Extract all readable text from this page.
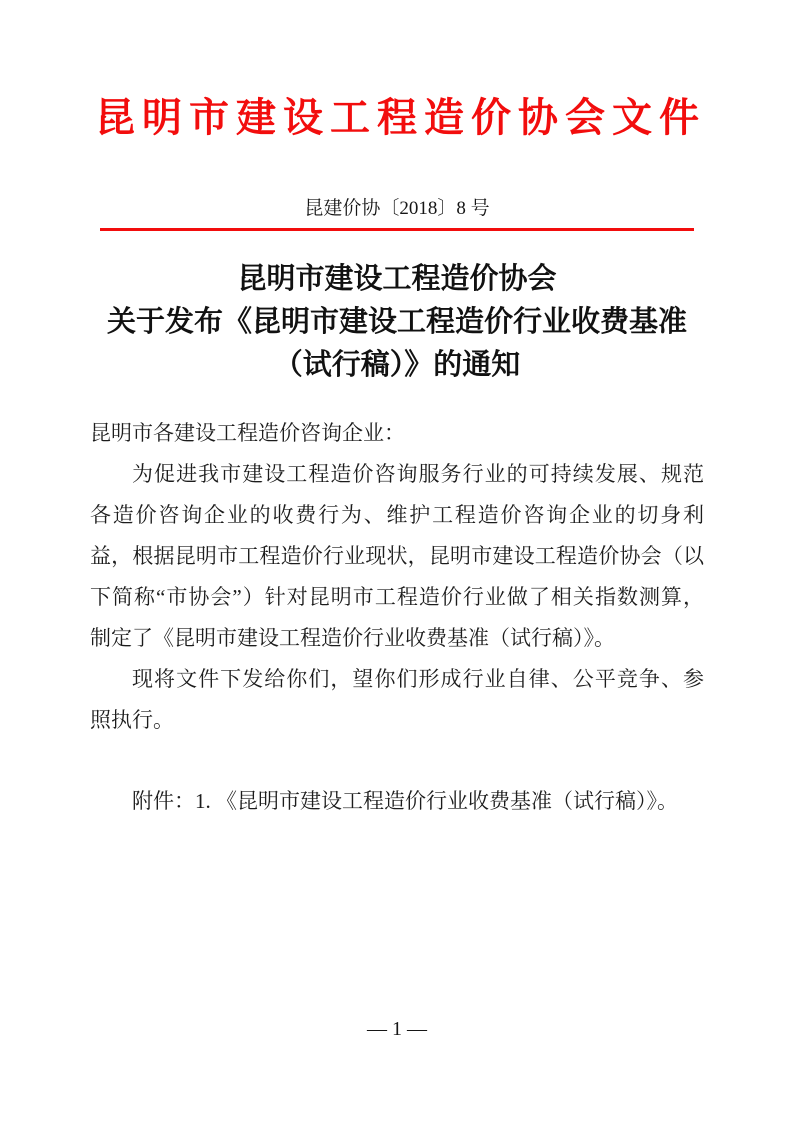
昆明市建设工程造价协会文件
昆建价协〔2018〕8 号
昆明市建设工程造价协会
关于发布《昆明市建设工程造价行业收费基准
（试行稿）》的通知

昆明市各建设工程造价咨询企业：

为促进我市建设工程造价咨询服务行业的可持续发展、规范

各造价咨询企业的收费行为、维护工程造价咨询企业的切身利

益，根据昆明市工程造价行业现状，昆明市建设工程造价协会（以

下简称“市协会”）针对昆明市工程造价行业做了相关指数测算，

制定了《昆明市建设工程造价行业收费基准（试行稿）》。

现将文件下发给你们，望你们形成行业自律、公平竞争、参

照执行。

附件：1. 《昆明市建设工程造价行业收费基准（试行稿）》。
— 1 —
